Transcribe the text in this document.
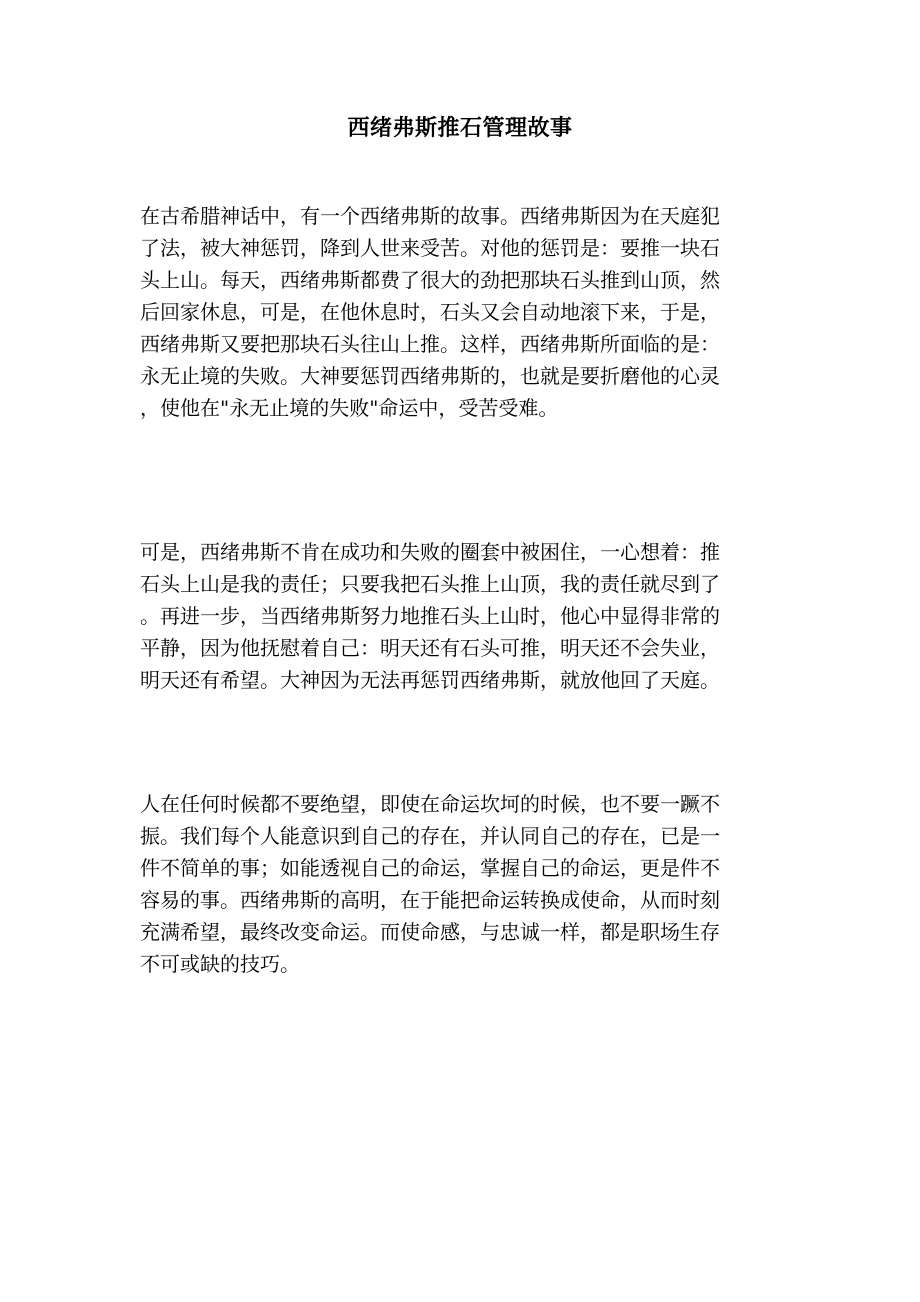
西绪弗斯推石管理故事
在古希腊神话中，有一个西绪弗斯的故事。西绪弗斯因为在天庭犯
了法，被大神惩罚，降到人世来受苦。对他的惩罚是：要推一块石
头上山。每天，西绪弗斯都费了很大的劲把那块石头推到山顶，然
后回家休息，可是，在他休息时，石头又会自动地滚下来，于是，
西绪弗斯又要把那块石头往山上推。这样，西绪弗斯所面临的是：
永无止境的失败。大神要惩罚西绪弗斯的，也就是要折磨他的心灵
，使他在"永无止境的失败"命运中，受苦受难。
可是，西绪弗斯不肯在成功和失败的圈套中被困住，一心想着：推
石头上山是我的责任；只要我把石头推上山顶，我的责任就尽到了
。再进一步，当西绪弗斯努力地推石头上山时，他心中显得非常的
平静，因为他抚慰着自己：明天还有石头可推，明天还不会失业，
明天还有希望。大神因为无法再惩罚西绪弗斯，就放他回了天庭。
人在任何时候都不要绝望，即使在命运坎坷的时候，也不要一蹶不
振。我们每个人能意识到自己的存在，并认同自己的存在，已是一
件不简单的事；如能透视自己的命运，掌握自己的命运，更是件不
容易的事。西绪弗斯的高明，在于能把命运转换成使命，从而时刻
充满希望，最终改变命运。而使命感，与忠诚一样，都是职场生存
不可或缺的技巧。
